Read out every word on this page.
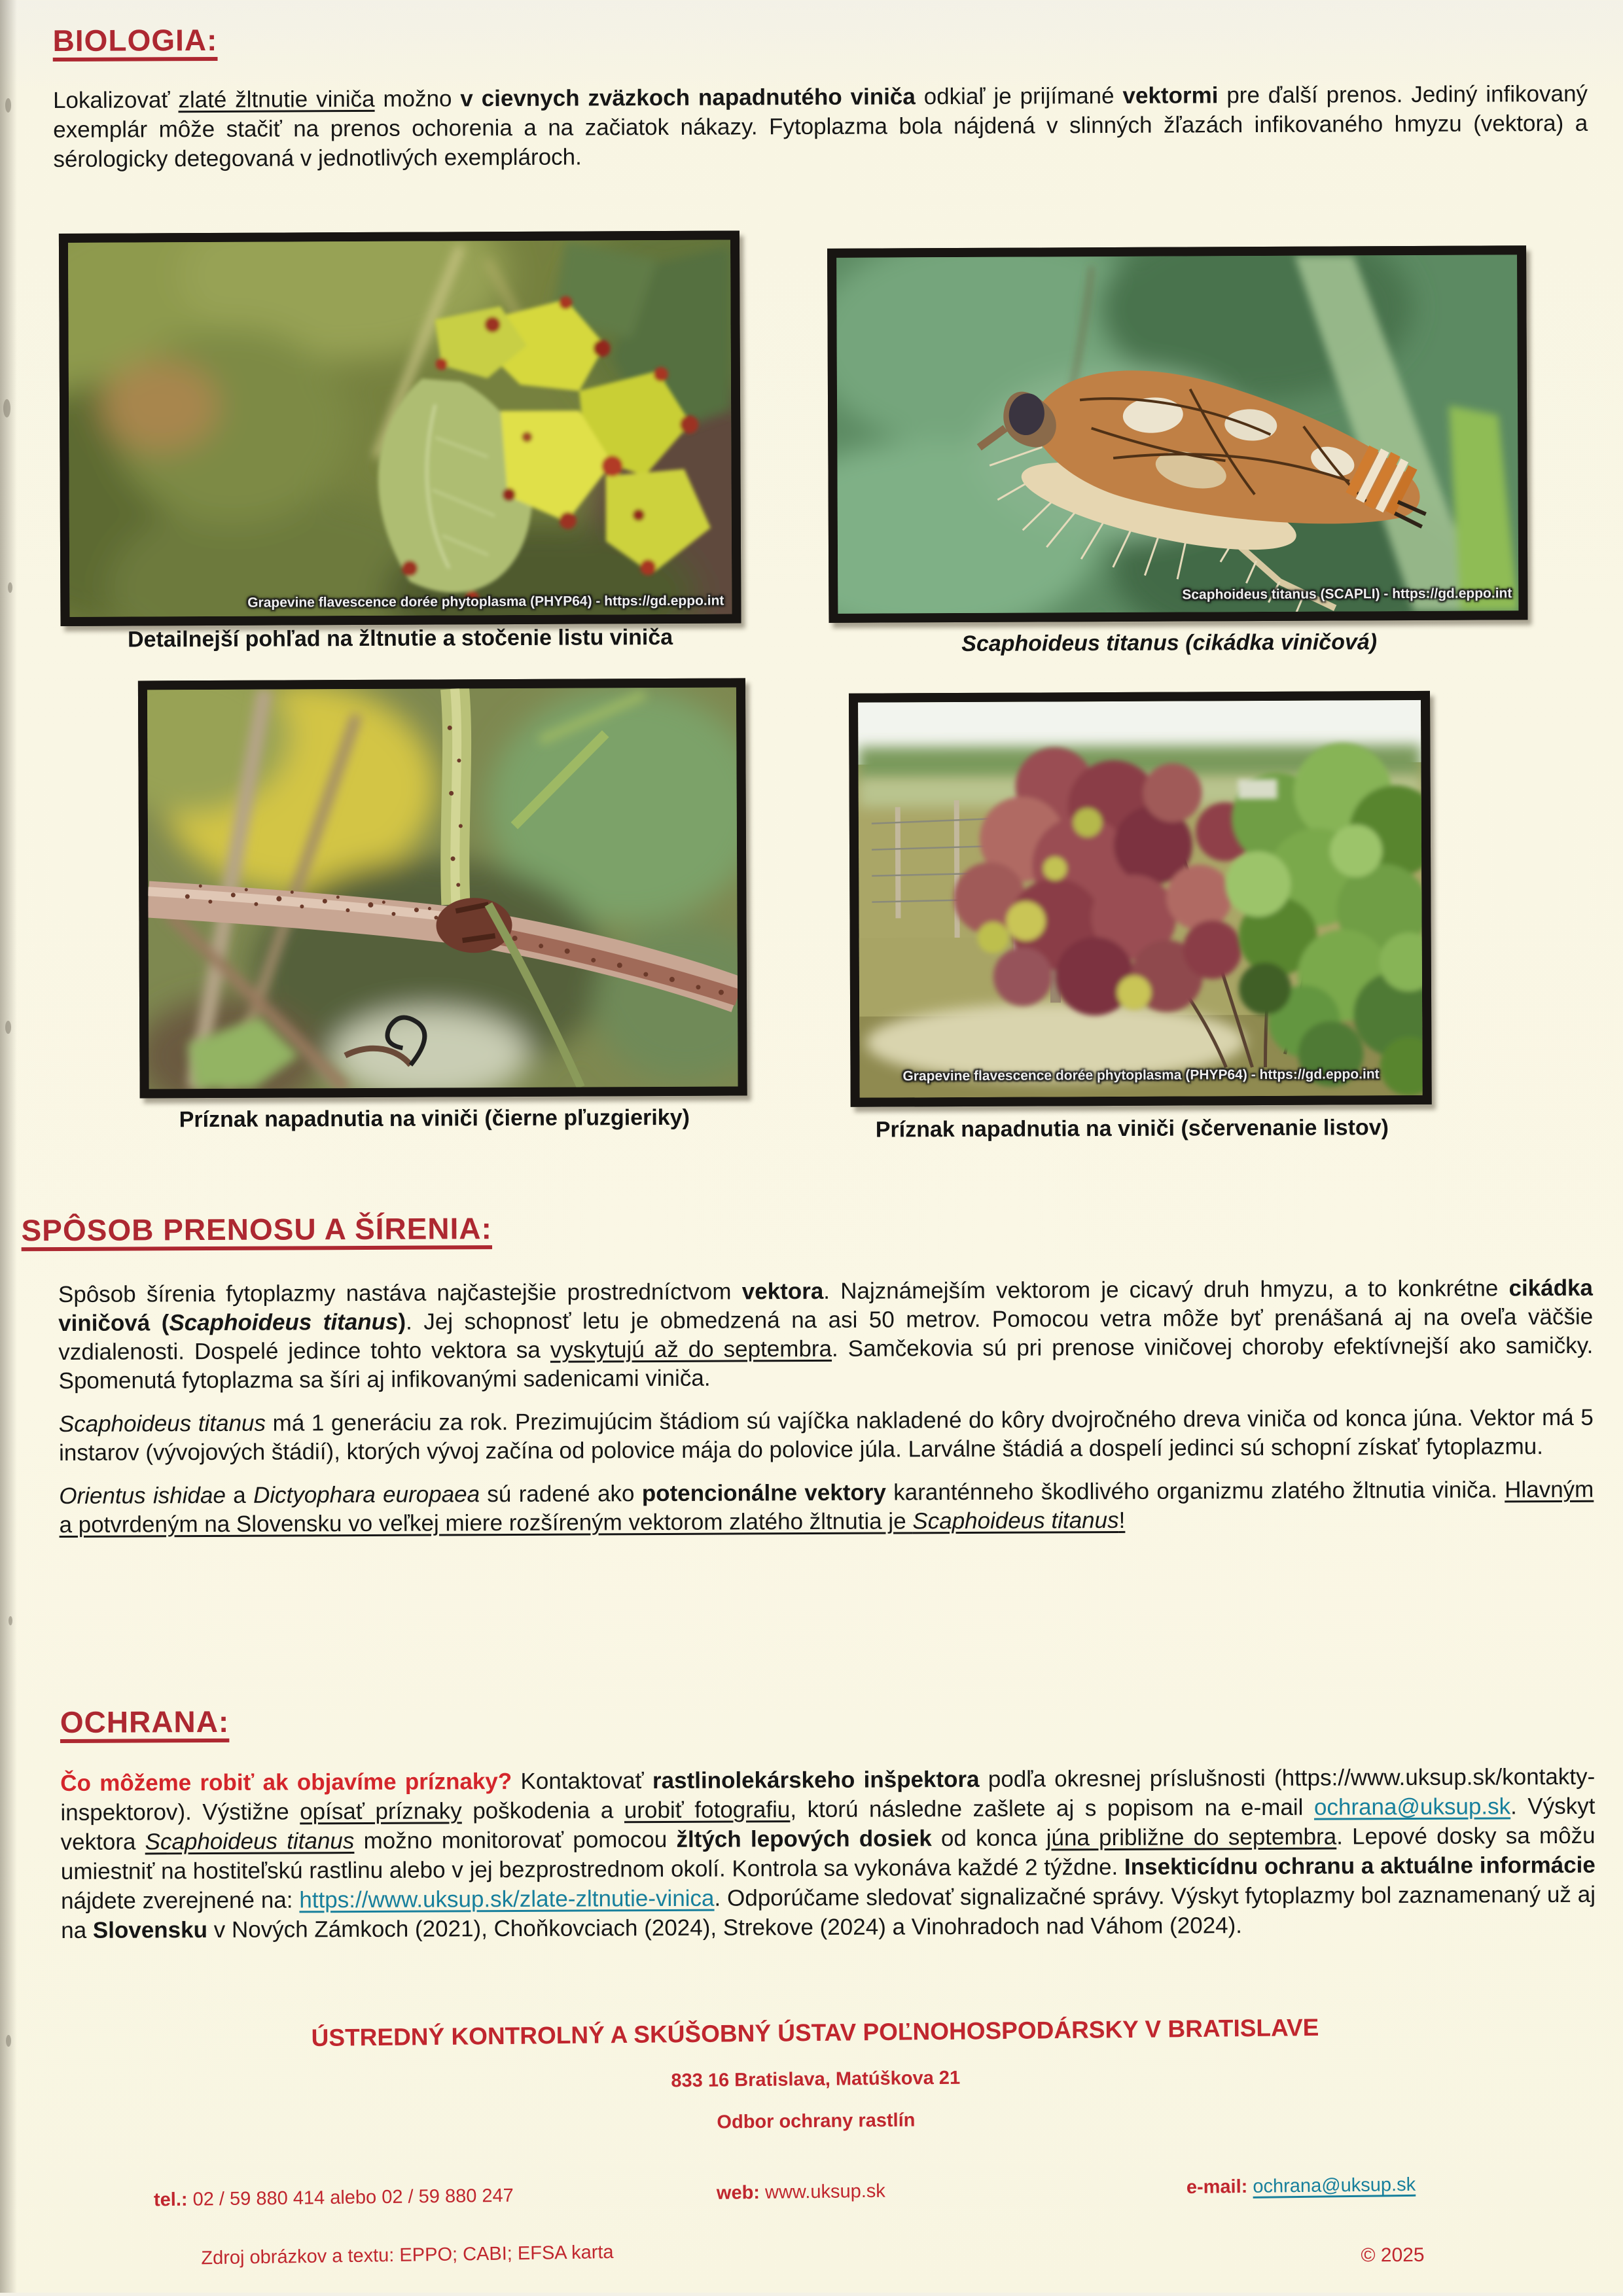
BIOLOGIA:

Lokalizovať zlaté žltnutie viniča možno v cievnych zväzkoch napadnutého viniča odkiaľ je prijímané vektormi pre ďalší prenos. Jediný infikovaný exemplár môže stačiť na prenos ochorenia a na začiatok nákazy. Fytoplazma bola nájdená v slinných žľazách infikovaného hmyzu (vektora) a sérologicky detegovaná v jednotlivých exemplároch.

Grapevine flavescence dorée phytoplasma (PHYP64) - https://gd.eppo.int
Detailnejší pohľad na žltnutie a stočenie listu viniča
Scaphoideus titanus (SCAPLI) - https://gd.eppo.int
Scaphoideus titanus (cikádka viničová)
Príznak napadnutia na viniči (čierne pľuzgieriky)
Grapevine flavescence dorée phytoplasma (PHYP64) - https://gd.eppo.int
Príznak napadnutia na viniči (sčervenanie listov)
SPÔSOB PRENOSU A ŠÍRENIA:

Spôsob šírenia fytoplazmy nastáva najčastejšie prostredníctvom vektora. Najznámejším vektorom je cicavý druh hmyzu, a to konkrétne cikádka viničová (Scaphoideus titanus). Jej schopnosť letu je obmedzená na asi 50 metrov. Pomocou vetra môže byť prenášaná aj na oveľa väčšie vzdialenosti. Dospelé jedince tohto vektora sa vyskytujú až do septembra. Samčekovia sú pri prenose viničovej choroby efektívnejší ako samičky. Spomenutá fytoplazma sa šíri aj infikovanými sadenicami viniča.

Scaphoideus titanus má 1 generáciu za rok. Prezimujúcim štádiom sú vajíčka nakladené do kôry dvojročného dreva viniča od konca júna. Vektor má 5 instarov (vývojových štádií), ktorých vývoj začína od polovice mája do polovice júla. Larválne štádiá a dospelí jedinci sú schopní získať fytoplazmu.

Orientus ishidae a Dictyophara europaea sú radené ako potencionálne vektory karanténneho škodlivého organizmu zlatého žltnutia viniča. Hlavným a potvrdeným na Slovensku vo veľkej miere rozšíreným vektorom zlatého žltnutia je Scaphoideus titanus!

OCHRANA:

Čo môžeme robiť ak objavíme príznaky? Kontaktovať rastlinolekárskeho inšpektora podľa okresnej príslušnosti (https://www.uksup.sk/kontakty-inspektorov). Výstižne opísať príznaky poškodenia a urobiť fotografiu, ktorú následne zašlete aj s popisom na e-mail ochrana@uksup.sk. Výskyt vektora Scaphoideus titanus možno monitorovať pomocou žltých lepových dosiek od konca júna približne do septembra. Lepové dosky sa môžu umiestniť na hostiteľskú rastlinu alebo v jej bezprostrednom okolí. Kontrola sa vykonáva každé 2 týždne. Insekticídnu ochranu a aktuálne informácie nájdete zverejnené na: https://www.uksup.sk/zlate-zltnutie-vinica. Odporúčame sledovať signalizačné správy. Výskyt fytoplazmy bol zaznamenaný už aj na Slovensku v Nových Zámkoch (2021), Choňkovciach (2024), Strekove (2024) a Vinohradoch nad Váhom (2024).

ÚSTREDNÝ KONTROLNÝ A SKÚŠOBNÝ ÚSTAV POĽNOHOSPODÁRSKY V BRATISLAVE
833 16 Bratislava, Matúškova 21
Odbor ochrany rastlín
tel.: 02 / 59 880 414 alebo 02 / 59 880 247	web: www.uksup.sk	e-mail: ochrana@uksup.sk
Zdroj obrázkov a textu: EPPO; CABI; EFSA karta	© 2025
